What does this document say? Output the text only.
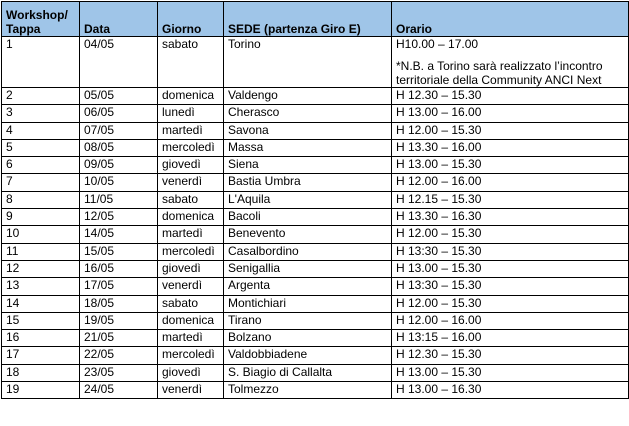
Workshop/ Tappa	Data	Giorno	SEDE (partenza Giro E)	Orario
1	04/05	sabato	Torino	H10.00 – 17.00
*N.B. a Torino sarà realizzato l’incontro territoriale della Community ANCI Next

2	05/05	domenica	Valdengo	H 12.30 – 15.30
3	06/05	lunedì	Cherasco	H 13.00 – 16.00
4	07/05	martedì	Savona	H 12.00 – 15.30
5	08/05	mercoledì	Massa	H 13.30 – 16.00
6	09/05	giovedì	Siena	H 13.00 – 15.30
7	10/05	venerdì	Bastia Umbra	H 12.00 – 16.00
8	11/05	sabato	L'Aquila	H 12.15 – 15.30
9	12/05	domenica	Bacoli	H 13.30 – 16.30
10	14/05	martedì	Benevento	H 12.00 – 15.30
11	15/05	mercoledì	Casalbordino	H 13:30 – 15.30
12	16/05	giovedì	Senigallia	H 13.00 – 15.30
13	17/05	venerdì	Argenta	H 13:30 – 15.30
14	18/05	sabato	Montichiari	H 12.00 – 15.30
15	19/05	domenica	Tirano	H 12.00 – 16.00
16	21/05	martedì	Bolzano	H 13:15 – 16.00
17	22/05	mercoledì	Valdobbiadene	H 12.30 – 15.30
18	23/05	giovedì	S. Biagio di Callalta	H 13.00 – 15.30
19	24/05	venerdì	Tolmezzo	H 13.00 – 16.30
